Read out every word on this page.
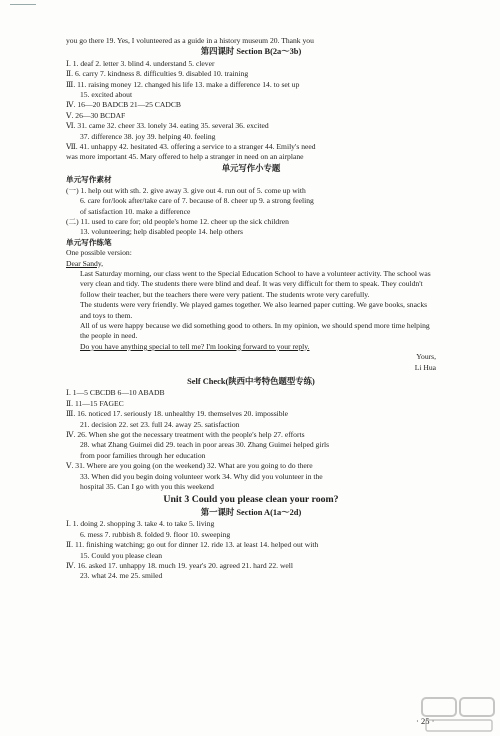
you go there 19. Yes, I volunteered as a guide in a history museum 20. Thank you

第四课时 Section B(2a～3b)

Ⅰ. 1. deaf 2. letter 3. blind 4. understand 5. clever

Ⅱ. 6. carry 7. kindness 8. difficulties 9. disabled 10. training

Ⅲ. 11. raising money 12. changed his life 13. make a difference 14. to set up

15. excited about

Ⅳ. 16—20 BADCB 21—25 CADCB

Ⅴ. 26—30 BCDAF

Ⅵ. 31. came 32. cheer 33. lonely 34. eating 35. several 36. excited

37. difference 38. joy 39. helping 40. feeling

Ⅶ. 41. unhappy 42. hesitated 43. offering a service to a stranger 44. Emily's need

was more important 45. Mary offered to help a stranger in need on an airplane

单元写作小专题

单元写作素材

(一) 1. help out with sth. 2. give away 3. give out 4. run out of 5. come up with

6. care for/look after/take care of 7. because of 8. cheer up 9. a strong feeling

of satisfaction 10. make a difference

(二) 11. used to care for; old people's home 12. cheer up the sick children

13. volunteering; help disabled people 14. help others

单元写作练笔

One possible version:

Dear Sandy,

Last Saturday morning, our class went to the Special Education School to have a volunteer activity. The school was very clean and tidy. The students there were blind and deaf. It was very difficult for them to speak. They couldn't follow their teacher, but the teachers there were very patient. The students wrote very carefully.

The students were very friendly. We played games together. We also learned paper cutting. We gave books, snacks and toys to them.

All of us were happy because we did something good to others. In my opinion, we should spend more time helping the people in need.

Do you have anything special to tell me? I'm looking forward to your reply.

Yours,

Li Hua

Self Check(陕西中考特色题型专练)

Ⅰ. 1—5 CBCDB 6—10 ABADB

Ⅱ. 11—15 FAGEC

Ⅲ. 16. noticed 17. seriously 18. unhealthy 19. themselves 20. impossible

21. decision 22. set 23. full 24. away 25. satisfaction

Ⅳ. 26. When she got the necessary treatment with the people's help 27. efforts

28. what Zhang Guimei did 29. teach in poor areas 30. Zhang Guimei helped girls

from poor families through her education

Ⅴ. 31. Where are you going (on the weekend) 32. What are you going to do there

33. When did you begin doing volunteer work 34. Why did you volunteer in the

hospital 35. Can I go with you this weekend

Unit 3 Could you please clean your room?

第一课时 Section A(1a～2d)

Ⅰ. 1. doing 2. shopping 3. take 4. to take 5. living

6. mess 7. rubbish 8. folded 9. floor 10. sweeping

Ⅱ. 11. finishing watching; go out for dinner 12. ride 13. at least 14. helped out with

15. Could you please clean

Ⅳ. 16. asked 17. unhappy 18. much 19. year's 20. agreed 21. hard 22. well

23. what 24. me 25. smiled

· 25 ·
